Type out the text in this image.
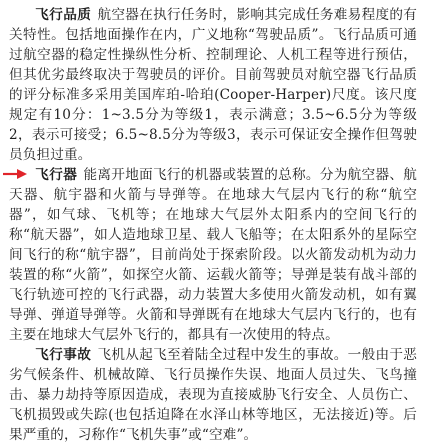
飞行品质 航空器在执行任务时，影响其完成任务难易程度的有关特性。包括地面操作在内，广义地称“驾驶品质”。飞行品质可通过航空器的稳定性操纵性分析、控制理论、人机工程等进行预估，但其优劣最终取决于驾驶员的评价。目前驾驶员对航空器飞行品质的评分标准多采用美国库珀-哈珀(Cooper-Harper)尺度。该尺度规定有10分：1~3.5分为等级1，表示满意；3.5~6.5分为等级2，表示可接受；6.5~8.5分为等级3，表示可保证安全操作但驾驶员负担过重。

飞行器 能离开地面飞行的机器或装置的总称。分为航空器、航天器、航宇器和火箭与导弹等。在地球大气层内飞行的称“航空器”，如气球、飞机等；在地球大气层外太阳系内的空间飞行的称“航天器”，如人造地球卫星、载人飞船等；在太阳系外的星际空间飞行的称“航宇器”，目前尚处于探索阶段。以火箭发动机为动力装置的称“火箭”，如探空火箭、运载火箭等；导弹是装有战斗部的飞行轨迹可控的飞行武器，动力装置大多使用火箭发动机，如有翼导弹、弹道导弹等。火箭和导弹既有在地球大气层内飞行的，也有主要在地球大气层外飞行的，都具有一次使用的特点。

飞行事故 飞机从起飞至着陆全过程中发生的事故。一般由于恶劣气候条件、机械故障、飞行员操作失误、地面人员过失、飞鸟撞击、暴力劫持等原因造成，表现为直接威胁飞行安全、人员伤亡、飞机损毁或失踪(也包括迫降在水泽山林等地区，无法接近)等。后果严重的，习称作“飞机失事”或“空难”。
